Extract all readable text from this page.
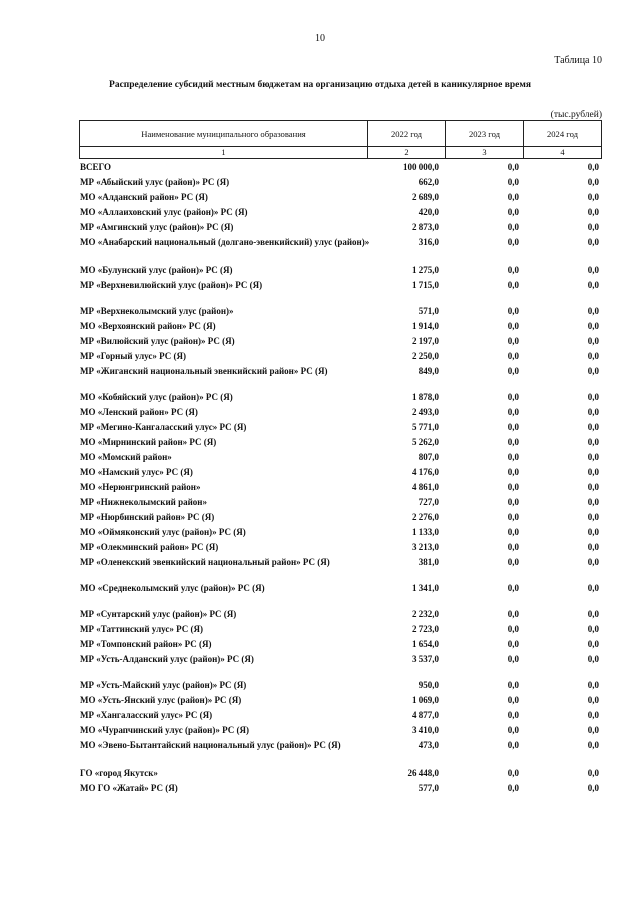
10
Таблица 10
Распределение субсидий местным бюджетам на организацию отдыха детей в каникулярное время
(тыс.рублей)
Наименование муниципального образования	2022 год	2023 год	2024 год
1	2	3	4
ВСЕГО	100 000,0	0,0	0,0
МР «Абыйский улус (район)» РС (Я)	662,0	0,0	0,0
МО «Алданский район» РС (Я)	2 689,0	0,0	0,0
МО «Аллаиховский улус (район)» РС (Я)	420,0	0,0	0,0
МР «Амгинский улус (район)» РС (Я)	2 873,0	0,0	0,0
МО «Анабарский национальный (долгано-эвенкийский) улус (район)»	316,0	0,0	0,0
МО «Булунский улус (район)» РС (Я)	1 275,0	0,0	0,0
МР «Верхневилюйский улус (район)» РС (Я)	1 715,0	0,0	0,0
МР «Верхнеколымский улус (район)»	571,0	0,0	0,0
МО «Верхоянский район» РС (Я)	1 914,0	0,0	0,0
МР «Вилюйский улус (район)» РС (Я)	2 197,0	0,0	0,0
МР «Горный улус» РС (Я)	2 250,0	0,0	0,0
МР «Жиганский национальный эвенкийский район» РС (Я)	849,0	0,0	0,0
МО «Кобяйский улус (район)» РС (Я)	1 878,0	0,0	0,0
МО «Ленский район» РС (Я)	2 493,0	0,0	0,0
МР «Мегино-Кангаласский улус» РС (Я)	5 771,0	0,0	0,0
МО «Мирнинский район» РС (Я)	5 262,0	0,0	0,0
МО «Момский район»	807,0	0,0	0,0
МО «Намский улус» РС (Я)	4 176,0	0,0	0,0
МО «Нерюнгринский район»	4 861,0	0,0	0,0
МР «Нижнеколымский район»	727,0	0,0	0,0
МР «Нюрбинский район» РС (Я)	2 276,0	0,0	0,0
МО «Оймяконский улус (район)» РС (Я)	1 133,0	0,0	0,0
МР «Олекминский район» РС (Я)	3 213,0	0,0	0,0
МР «Оленекский эвенкийский национальный район» РС (Я)	381,0	0,0	0,0
МО «Среднеколымский улус (район)» РС (Я)	1 341,0	0,0	0,0
МР «Сунтарский улус (район)» РС (Я)	2 232,0	0,0	0,0
МР «Таттинский улус» РС (Я)	2 723,0	0,0	0,0
МР «Томпонский район» РС (Я)	1 654,0	0,0	0,0
МР «Усть-Алданский улус (район)» РС (Я)	3 537,0	0,0	0,0
МР «Усть-Майский улус (район)» РС (Я)	950,0	0,0	0,0
МО «Усть-Янский улус (район)» РС (Я)	1 069,0	0,0	0,0
МР «Хангаласский улус» РС (Я)	4 877,0	0,0	0,0
МО «Чурапчинский улус (район)» РС (Я)	3 410,0	0,0	0,0
МО «Эвено-Бытантайский национальный улус (район)» РС (Я)	473,0	0,0	0,0
ГО «город Якутск»	26 448,0	0,0	0,0
МО ГО «Жатай» РС (Я)	577,0	0,0	0,0
